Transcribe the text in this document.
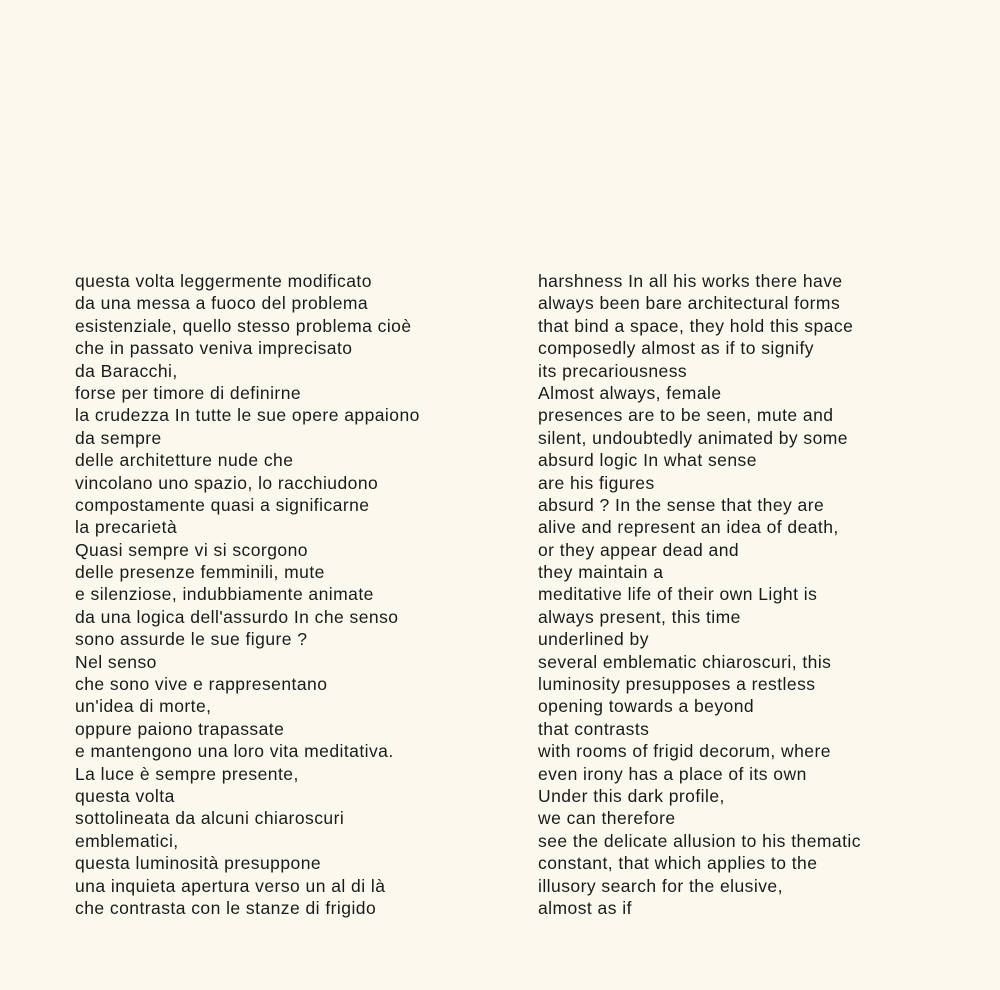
questa volta leggermente modificato
da una messa a fuoco del problema
esistenziale, quello stesso problema cioè
che in passato veniva imprecisato
da Baracchi,
forse per timore di definirne
la crudezza In tutte le sue opere appaiono
da sempre
delle architetture nude che
vincolano uno spazio, lo racchiudono
compostamente quasi a significarne
la precarietà
Quasi sempre vi si scorgono
delle presenze femminili, mute
e silenziose, indubbiamente animate
da una logica dell'assurdo In che senso
sono assurde le sue figure ?
Nel senso
che sono vive e rappresentano
un'idea di morte,
oppure paiono trapassate
e mantengono una loro vita meditativa.
La luce è sempre presente,
questa volta
sottolineata da alcuni chiaroscuri
emblematici,
questa luminosità presuppone
una inquieta apertura verso un al di là
che contrasta con le stanze di frigido
harshness In all his works there have
always been bare architectural forms
that bind a space, they hold this space
composedly almost as if to signify
its precariousness
Almost always, female
presences are to be seen, mute and
silent, undoubtedly animated by some
absurd logic In what sense
are his figures
absurd ? In the sense that they are
alive and represent an idea of death,
or they appear dead and
they maintain a
meditative life of their own Light is
always present, this time
underlined by
several emblematic chiaroscuri, this
luminosity presupposes a restless
opening towards a beyond
that contrasts
with rooms of frigid decorum, where
even irony has a place of its own
Under this dark profile,
we can therefore
see the delicate allusion to his thematic
constant, that which applies to the
illusory search for the elusive,
almost as if
